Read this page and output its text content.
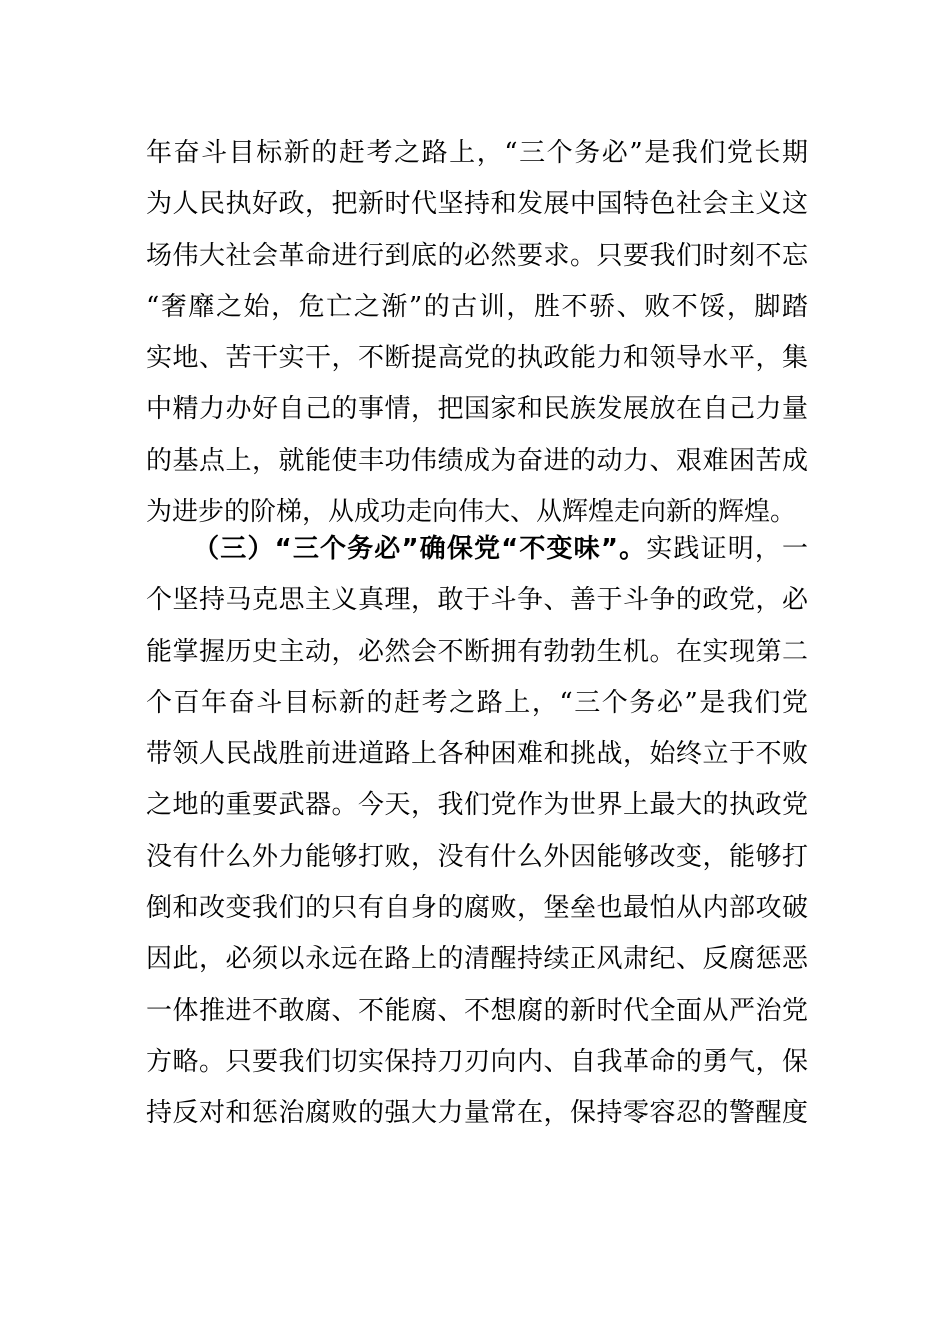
年奋斗目标新的赶考之路上，“三个务必”是我们党长期
为人民执好政，把新时代坚持和发展中国特色社会主义这
场伟大社会革命进行到底的必然要求。只要我们时刻不忘
“奢靡之始，危亡之渐”的古训，胜不骄、败不馁，脚踏
实地、苦干实干，不断提高党的执政能力和领导水平，集
中精力办好自己的事情，把国家和民族发展放在自己力量
的基点上，就能使丰功伟绩成为奋进的动力、艰难困苦成
为进步的阶梯，从成功走向伟大、从辉煌走向新的辉煌。
（三）“三个务必”确保党“不变味”。实践证明，一
个坚持马克思主义真理，敢于斗争、善于斗争的政党，必
能掌握历史主动，必然会不断拥有勃勃生机。在实现第二
个百年奋斗目标新的赶考之路上，“三个务必”是我们党
带领人民战胜前进道路上各种困难和挑战，始终立于不败
之地的重要武器。今天，我们党作为世界上最大的执政党
没有什么外力能够打败，没有什么外因能够改变，能够打
倒和改变我们的只有自身的腐败，堡垒也最怕从内部攻破
因此，必须以永远在路上的清醒持续正风肃纪、反腐惩恶
一体推进不敢腐、不能腐、不想腐的新时代全面从严治党
方略。只要我们切实保持刀刃向内、自我革命的勇气，保
持反对和惩治腐败的强大力量常在，保持零容忍的警醒度
